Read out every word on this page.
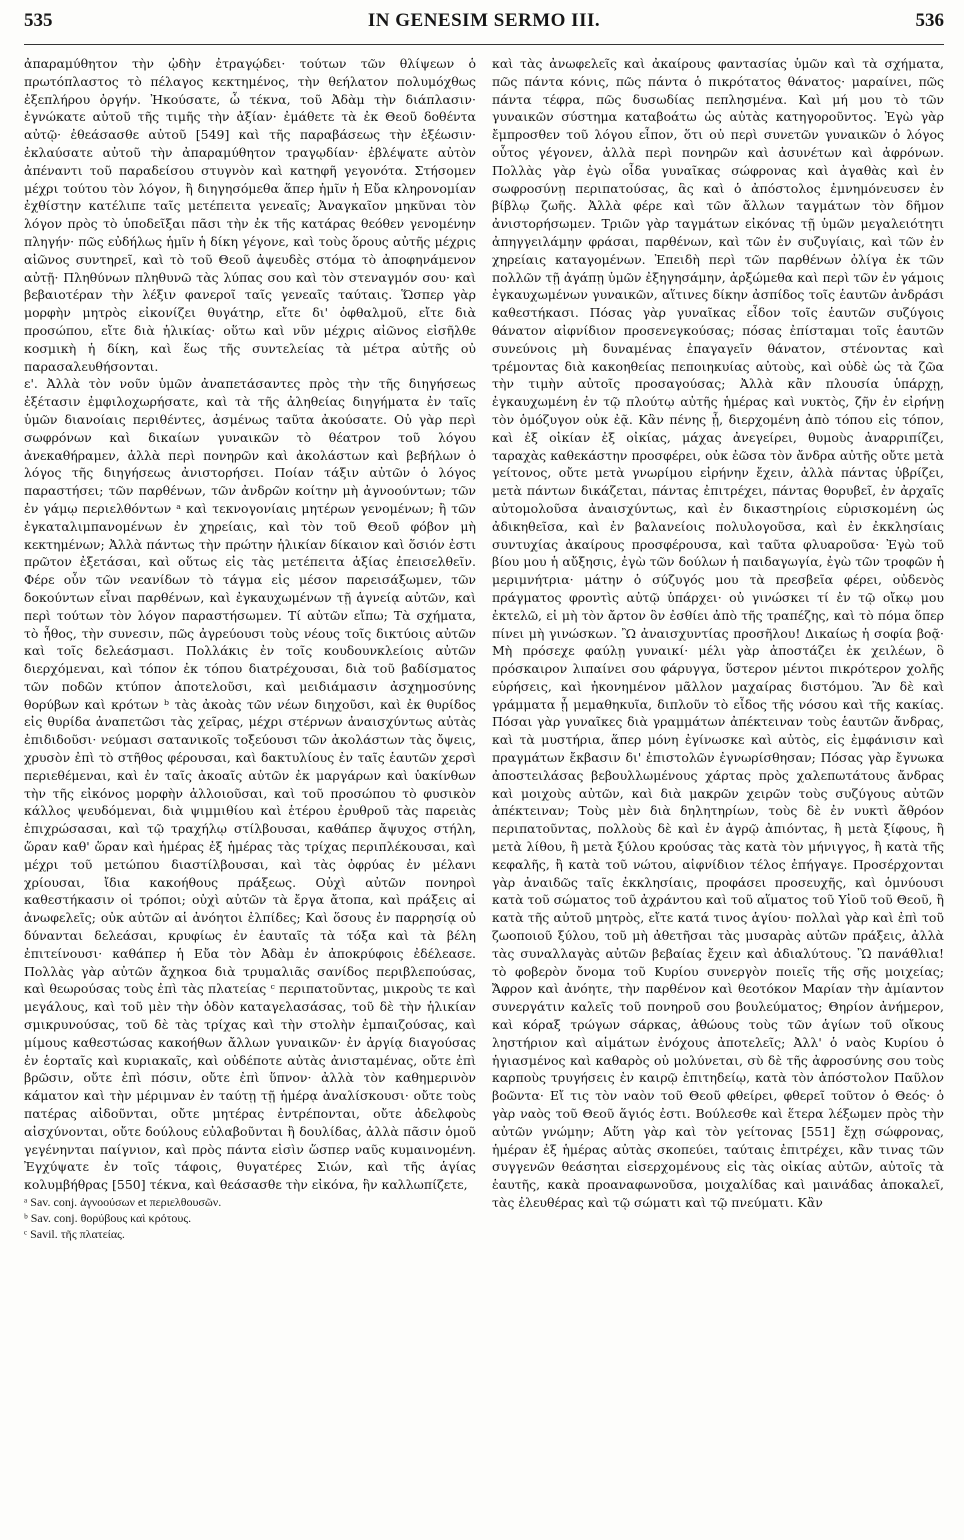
535	IN GENESIM SERMO III.	536

ἀπαραμύθητον τὴν ᾠδὴν ἐτραγῴδει· τούτων τῶν θλίψεων ὁ πρωτόπλαστος τὸ πέλαγος κεκτημένος, τὴν θεήλατον πολυμόχθως ἐξεπλήρου ὀργήν. Ἠκούσατε, ὦ τέκνα, τοῦ Ἀδὰμ τὴν διάπλασιν· ἐγνώκατε αὐτοῦ τῆς τιμῆς τὴν ἀξίαν· ἐμάθετε τὰ ἐκ Θεοῦ δοθέντα αὐτῷ· ἐθεάσασθε αὐτοῦ [549] καὶ τῆς παραβάσεως τὴν ἐξέωσιν· ἐκλαύσατε αὐτοῦ τὴν ἀπαραμύθητον τραγῳδίαν· ἐβλέψατε αὐτὸν ἀπέναντι τοῦ παραδείσου στυγνὸν καὶ κατηφῆ γεγονότα. Στήσομεν μέχρι τούτου τὸν λόγον, ἢ διηγησόμεθα ἅπερ ἡμῖν ἡ Εὔα κληρονομίαν ἐχθίστην κατέλιπε ταῖς μετέπειτα γενεαῖς; Ἀναγκαῖον μηκῦναι τὸν λόγον πρὸς τὸ ὑποδεῖξαι πᾶσι τὴν ἐκ τῆς κατάρας θεόθεν γενομένην πληγήν· πῶς εὐδήλως ἡμῖν ἡ δίκη γέγονε, καὶ τοὺς ὅρους αὐτῆς μέχρις αἰῶνος συντηρεῖ, καὶ τὸ τοῦ Θεοῦ ἀψευδὲς στόμα τὸ ἀποφηνάμενον αὐτῇ· Πληθύνων πληθυνῶ τὰς λύπας σου καὶ τὸν στεναγμόν σου· καὶ βεβαιοτέραν τὴν λέξιν φανεροῖ ταῖς γενεαῖς ταύταις. Ὥσπερ γὰρ μορφὴν μητρὸς εἰκονίζει θυγάτηρ, εἴτε δι' ὀφθαλμοῦ, εἴτε διὰ προσώπου, εἴτε διὰ ἡλικίας· οὕτω καὶ νῦν μέχρις αἰῶνος εἰσῆλθε κοσμικὴ ἡ δίκη, καὶ ἕως τῆς συντελείας τὰ μέτρα αὐτῆς οὐ παρασαλευθήσονται.

ε'. Ἀλλὰ τὸν νοῦν ὑμῶν ἀναπετάσαντες πρὸς τὴν τῆς διηγήσεως ἐξέτασιν ἐμφιλοχωρήσατε, καὶ τὰ τῆς ἀληθείας διηγήματα ἐν ταῖς ὑμῶν διανοίαις περιθέντες, ἀσμένως ταῦτα ἀκούσατε. Οὐ γὰρ περὶ σωφρόνων καὶ δικαίων γυναικῶν τὸ θέατρον τοῦ λόγου ἀνεκαθήραμεν, ἀλλὰ περὶ πονηρῶν καὶ ἀκολάστων καὶ βεβήλων ὁ λόγος τῆς διηγήσεως ἀνιστορήσει. Ποίαν τάξιν αὐτῶν ὁ λόγος παραστήσει; τῶν παρθένων, τῶν ἀνδρῶν κοίτην μὴ ἀγνοούντων; τῶν ἐν γάμῳ περιελθόντων ᵃ καὶ τεκνογονίαις μητέρων γενομένων; ἢ τῶν ἐγκαταλιμπανομένων ἐν χηρείαις, καὶ τὸν τοῦ Θεοῦ φόβον μὴ κεκτημένων; Ἀλλὰ πάντως τὴν πρώτην ἡλικίαν δίκαιον καὶ ὅσιόν ἐστι πρῶτον ἐξετάσαι, καὶ οὕτως εἰς τὰς μετέπειτα ἀξίας ἐπεισελθεῖν. Φέρε οὖν τῶν νεανίδων τὸ τάγμα εἰς μέσον παρεισάξωμεν, τῶν δοκούντων εἶναι παρθένων, καὶ ἐγκαυχωμένων τῇ ἁγνείᾳ αὐτῶν, καὶ περὶ τούτων τὸν λόγον παραστήσωμεν. Τί αὐτῶν εἴπω; Τὰ σχήματα, τὸ ἦθος, τὴν συνεσιν, πῶς ἀγρεύουσι τοὺς νέους τοῖς δικτύοις αὐτῶν καὶ τοῖς δελεάσμασι. Πολλάκις ἐν τοῖς κουδουνκλείοις αὐτῶν διερχόμεναι, καὶ τόπον ἐκ τόπου διατρέχουσαι, διὰ τοῦ βαδίσματος τῶν ποδῶν κτύπον ἀποτελοῦσι, καὶ μειδιάμασιν ἀσχημοσύνης θορύβων καὶ κρότων ᵇ τὰς ἀκοὰς τῶν νέων διηχοῦσι, καὶ ἐκ θυρίδος εἰς θυρίδα ἀναπετῶσι τὰς χεῖρας, μέχρι στέρνων ἀναισχύντως αὐτὰς ἐπιδιδοῦσι· νεύμασι σατανικοῖς τοξεύουσι τῶν ἀκολάστων τὰς ὄψεις, χρυσὸν ἐπὶ τὸ στῆθος φέρουσαι, καὶ δακτυλίους ἐν ταῖς ἑαυτῶν χερσὶ περιεθέμεναι, καὶ ἐν ταῖς ἀκοαῖς αὐτῶν ἐκ μαργάρων καὶ ὑακίνθων τὴν τῆς εἰκόνος μορφὴν ἀλλοιοῦσαι, καὶ τοῦ προσώπου τὸ φυσικὸν κάλλος ψευδόμεναι, διὰ ψιμμιθίου καὶ ἑτέρου ἐρυθροῦ τὰς παρειὰς ἐπιχρώσασαι, καὶ τῷ τραχήλῳ στίλβουσαι, καθάπερ ἄψυχος στήλη, ὥραν καθ' ὥραν καὶ ἡμέρας ἐξ ἡμέρας τὰς τρίχας περιπλέκουσαι, καὶ μέχρι τοῦ μετώπου διαστίλβουσαι, καὶ τὰς ὀφρύας ἐν μέλανι χρίουσαι, ἴδια κακοήθους πράξεως. Οὐχὶ αὐτῶν πονηροὶ καθεστήκασιν οἱ τρόποι; οὐχὶ αὐτῶν τὰ ἔργα ἄτοπα, καὶ πράξεις αἱ ἀνωφελεῖς; οὐκ αὐτῶν αἱ ἀνόητοι ἐλπίδες; Καὶ ὅσους ἐν παρρησίᾳ οὐ δύνανται δελεάσαι, κρυφίως ἐν ἑαυταῖς τὰ τόξα καὶ τὰ βέλη ἐπιτείνουσι· καθάπερ ἡ Εὔα τὸν Ἀδὰμ ἐν ἀποκρύφοις ἐδέλεασε. Πολλὰς γὰρ αὐτῶν ἄχηκοα διὰ τρυμαλιᾶς σανίδος περιβλεπούσας, καὶ θεωρούσας τοὺς ἐπὶ τὰς πλατείας ᶜ περιπατοῦντας, μικροὺς τε καὶ μεγάλους, καὶ τοῦ μὲν τὴν ὁδὸν καταγελασάσας, τοῦ δὲ τὴν ἡλικίαν σμικρυνούσας, τοῦ δὲ τὰς τρίχας καὶ τὴν στολὴν ἐμπαιζούσας, καὶ μίμους καθεστώσας κακοήθων ἄλλων γυναικῶν· ἐν ἀργίᾳ διαγούσας ἐν ἑορταῖς καὶ κυριακαῖς, καὶ οὐδέποτε αὐτὰς ἀνισταμένας, οὔτε ἐπὶ βρῶσιν, οὔτε ἐπὶ πόσιν, οὔτε ἐπὶ ὕπνον· ἀλλὰ τὸν καθημερινὸν κάματον καὶ τὴν μέριμναν ἐν ταύτῃ τῇ ἡμέρᾳ ἀναλίσκουσι· οὔτε τοὺς πατέρας αἰδοῦνται, οὔτε μητέρας ἐντρέπονται, οὔτε ἀδελφοὺς αἰσχύνονται, οὔτε δούλους εὐλαβοῦνται ἢ δουλίδας, ἀλλὰ πᾶσιν ὁμοῦ γεγένηνται παίγνιον, καὶ πρὸς πάντα εἰσὶν ὥσπερ ναῦς κυμαινομένη. Ἐγχύψατε ἐν τοῖς τάφοις, θυγατέρες Σιών, καὶ τῆς ἁγίας κολυμβήθρας [550] τέκνα, καὶ θεάσασθε τὴν εἰκόνα, ἣν καλλωπίζετε,

ᵃ Sav. conj. ἀγνοούσων et περιελθουσῶν.
ᵇ Sav. conj. θορύβους καὶ κρότους.
ᶜ Savil. τῆς πλατείας.

καὶ τὰς ἀνωφελεῖς καὶ ἀκαίρους φαντασίας ὑμῶν καὶ τὰ σχήματα, πῶς πάντα κόνις, πῶς πάντα ὁ πικρότατος θάνατος· μαραίνει, πῶς πάντα τέφρα, πῶς δυσωδίας πεπλησμένα. Καὶ μή μου τὸ τῶν γυναικῶν σύστημα καταβοάτω ὡς αὐτὰς κατηγοροῦντος. Ἐγὼ γὰρ ἔμπροσθεν τοῦ λόγου εἶπον, ὅτι οὐ περὶ συνετῶν γυναικῶν ὁ λόγος οὗτος γέγονεν, ἀλλὰ περὶ πονηρῶν καὶ ἀσυνέτων καὶ ἀφρόνων. Πολλὰς γὰρ ἐγὼ οἶδα γυναῖκας σώφρονας καὶ ἀγαθὰς καὶ ἐν σωφροσύνῃ περιπατούσας, ἃς καὶ ὁ ἀπόστολος ἐμνημόνευσεν ἐν βίβλῳ ζωῆς. Ἀλλὰ φέρε καὶ τῶν ἄλλων ταγμάτων τὸν δῆμον ἀνιστορήσωμεν. Τριῶν γὰρ ταγμάτων εἰκόνας τῇ ὑμῶν μεγαλειότητι ἀπηγγειλάμην φράσαι, παρθένων, καὶ τῶν ἐν συζυγίαις, καὶ τῶν ἐν χηρείαις καταγομένων. Ἐπειδὴ περὶ τῶν παρθένων ὀλίγα ἐκ τῶν πολλῶν τῇ ἀγάπῃ ὑμῶν ἐξηγησάμην, ἀρξώμεθα καὶ περὶ τῶν ἐν γάμοις ἐγκαυχωμένων γυναικῶν, αἵτινες δίκην ἀσπίδος τοῖς ἑαυτῶν ἀνδράσι καθεστήκασι. Πόσας γὰρ γυναῖκας εἶδον τοῖς ἑαυτῶν συζύγοις θάνατον αἰφνίδιον προσενεγκούσας; πόσας ἐπίσταμαι τοῖς ἑαυτῶν συνεύνοις μὴ δυναμένας ἐπαγαγεῖν θάνατον, στένοντας καὶ τρέμοντας διὰ κακοηθείας πεποιηκυίας αὐτοὺς, καὶ οὐδὲ ὡς τὰ ζῶα τὴν τιμὴν αὐτοῖς προσαγούσας; Ἀλλὰ κἂν πλουσία ὑπάρχῃ, ἐγκαυχωμένη ἐν τῷ πλούτῳ αὐτῆς ἡμέρας καὶ νυκτὸς, ζῆν ἐν εἰρήνῃ τὸν ὁμόζυγον οὐκ ἐᾷ. Κἂν πένης ᾖ, διερχομένη ἀπὸ τόπου εἰς τόπον, καὶ ἐξ οἰκίαν ἐξ οἰκίας, μάχας ἀνεγείρει, θυμοὺς ἀναρριπίζει, ταραχὰς καθεκάστην προσφέρει, οὐκ ἐῶσα τὸν ἄνδρα αὐτῆς οὔτε μετὰ γείτονος, οὔτε μετὰ γνωρίμου εἰρήνην ἔχειν, ἀλλὰ πάντας ὑβρίζει, μετὰ πάντων δικάζεται, πάντας ἐπιτρέχει, πάντας θορυβεῖ, ἐν ἀρχαῖς αὐτομολοῦσα ἀναισχύντως, καὶ ἐν δικαστηρίοις εὑρισκομένη ὡς ἀδικηθεῖσα, καὶ ἐν βαλανείοις πολυλογοῦσα, καὶ ἐν ἐκκλησίαις συντυχίας ἀκαίρους προσφέρουσα, καὶ ταῦτα φλυαροῦσα· Ἐγὼ τοῦ βίου μου ἡ αὔξησις, ἐγὼ τῶν δούλων ἡ παιδαγωγία, ἐγὼ τῶν τροφῶν ἡ μεριμνήτρια· μάτην ὁ σύζυγός μου τὰ πρεσβεῖα φέρει, οὐδενὸς πράγματος φροντὶς αὐτῷ ὑπάρχει· οὐ γινώσκει τί ἐν τῷ οἴκῳ μου ἐκτελῶ, εἰ μὴ τὸν ἄρτον ὃν ἐσθίει ἀπὸ τῆς τραπέζης, καὶ τὸ πόμα ὅπερ πίνει μὴ γινώσκων. Ὢ ἀναισχυντίας προσῆλου! Δικαίως ἡ σοφία βοᾷ· Μὴ πρόσεχε φαύλῃ γυναικί· μέλι γὰρ ἀποστάζει ἐκ χειλέων, ὃ πρόσκαιρον λιπαίνει σου φάρυγγα, ὕστερον μέντοι πικρότερον χολῆς εὑρήσεις, καὶ ἠκονημένον μᾶλλον μαχαίρας διστόμου. Ἂν δὲ καὶ γράμματα ᾖ μεμαθηκυῖα, διπλοῦν τὸ εἶδος τῆς νόσου καὶ τῆς κακίας. Πόσαι γὰρ γυναῖκες διὰ γραμμάτων ἀπέκτειναν τοὺς ἑαυτῶν ἄνδρας, καὶ τὰ μυστήρια, ἅπερ μόνη ἐγίνωσκε καὶ αὐτὸς, εἰς ἐμφάνισιν καὶ πραγμάτων ἔκβασιν δι' ἐπιστολῶν ἐγνωρίσθησαν; Πόσας γὰρ ἔγνωκα ἀποστειλάσας βεβουλλωμένους χάρτας πρὸς χαλεπωτάτους ἄνδρας καὶ μοιχοὺς αὐτῶν, καὶ διὰ μακρῶν χειρῶν τοὺς συζύγους αὐτῶν ἀπέκτειναν; Τοὺς μὲν διὰ δηλητηρίων, τοὺς δὲ ἐν νυκτὶ ἄθρόον περιπατοῦντας, πολλοὺς δὲ καὶ ἐν ἀγρῷ ἀπιόντας, ἢ μετὰ ξίφους, ἢ μετὰ λίθου, ἢ μετὰ ξύλου κρούσας τὰς κατὰ τὸν μήνιγγος, ἢ κατὰ τῆς κεφαλῆς, ἢ κατὰ τοῦ νώτου, αἰφνίδιον τέλος ἐπήγαγε. Προσέρχονται γὰρ ἀναιδῶς ταῖς ἐκκλησίαις, προφάσει προσευχῆς, καὶ ὁμνύουσι κατὰ τοῦ σώματος τοῦ ἀχράντου καὶ τοῦ αἵματος τοῦ Υἱοῦ τοῦ Θεοῦ, ἢ κατὰ τῆς αὐτοῦ μητρὸς, εἴτε κατά τινος ἁγίου· πολλαὶ γὰρ καὶ ἐπὶ τοῦ ζωοποιοῦ ξύλου, τοῦ μὴ ἀθετῆσαι τὰς μυσαρὰς αὐτῶν πράξεις, ἀλλὰ τὰς συναλλαγὰς αὐτῶν βεβαίας ἔχειν καὶ ἀδιαλύτους. Ὢ πανάθλια! τὸ φοβερὸν ὄνομα τοῦ Κυρίου συνεργὸν ποιεῖς τῆς σῆς μοιχείας; Ἄφρον καὶ ἀνόητε, τὴν παρθένον καὶ θεοτόκον Μαρίαν τὴν ἀμίαντον συνεργάτιν καλεῖς τοῦ πονηροῦ σου βουλεύματος; Θηρίον ἀνήμερον, καὶ κόραξ τρώγων σάρκας, ἀθώους τοὺς τῶν ἁγίων τοῦ οἴκους ληστήριον καὶ αἱμάτων ἐνόχους ἀποτελεῖς; Ἀλλ' ὁ ναὸς Κυρίου ὁ ἡγιασμένος καὶ καθαρὸς οὐ μολύνεται, σὺ δὲ τῆς ἀφροσύνης σου τοὺς καρποὺς τρυγήσεις ἐν καιρῷ ἐπιτηδείῳ, κατὰ τὸν ἀπόστολον Παῦλον βοῶντα· Εἴ τις τὸν ναὸν τοῦ Θεοῦ φθείρει, φθερεῖ τοῦτον ὁ Θεός· ὁ γὰρ ναὸς τοῦ Θεοῦ ἅγιός ἐστι. Βούλεσθε καὶ ἕτερα λέξωμεν πρὸς τὴν αὐτῶν γνώμην; Αὕτη γὰρ καὶ τὸν γείτονας [551] ἔχῃ σώφρονας, ἡμέραν ἐξ ἡμέρας αὐτὰς σκοπεύει, ταύταις ἐπιτρέχει, κἂν τινας τῶν συγγενῶν θεάσηται εἰσερχομένους εἰς τὰς οἰκίας αὐτῶν, αὐτοῖς τὰ ἑαυτῆς, κακὰ προαναφωνοῦσα, μοιχαλίδας καὶ μαινάδας ἀποκαλεῖ, τὰς ἐλευθέρας καὶ τῷ σώματι καὶ τῷ πνεύματι. Κἂν
